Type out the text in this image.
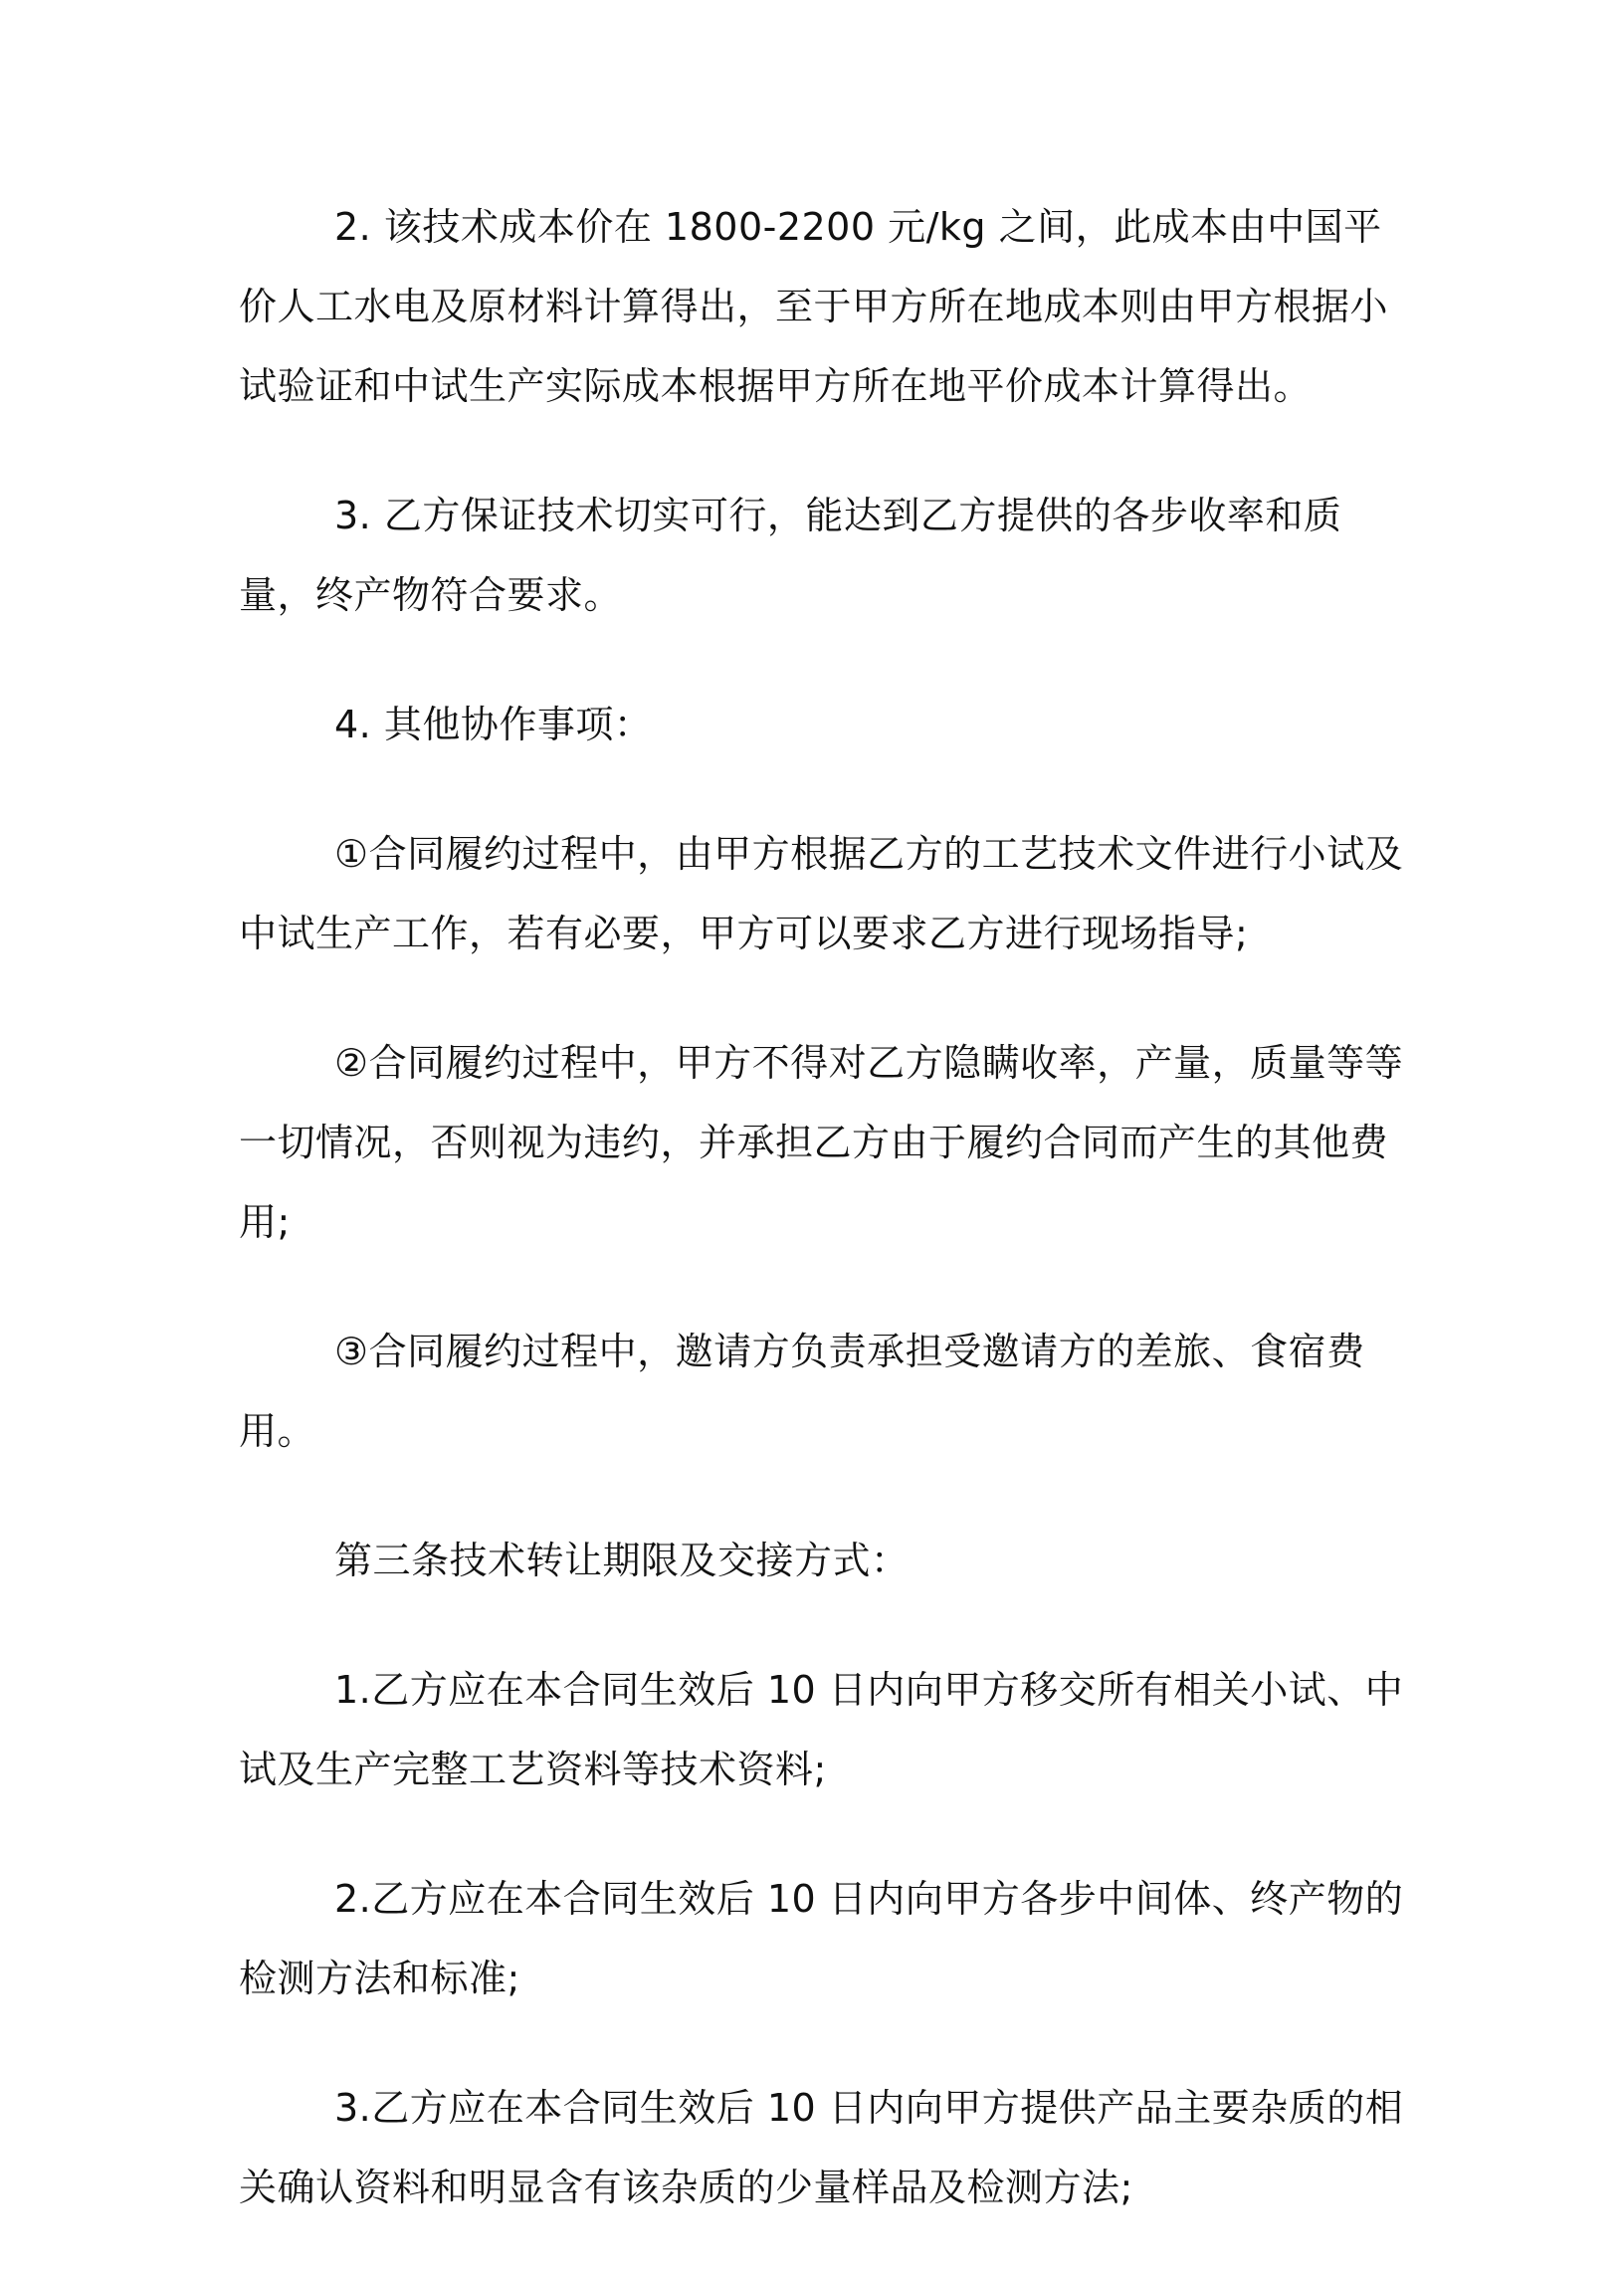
2. 该技术成本价在 1800-2200 元/kg 之间，此成本由中国平价人工水电及原材料计算得出，至于甲方所在地成本则由甲方根据小试验证和中试生产实际成本根据甲方所在地平价成本计算得出。

3. 乙方保证技术切实可行，能达到乙方提供的各步收率和质量，终产物符合要求。

4. 其他协作事项：

①合同履约过程中，由甲方根据乙方的工艺技术文件进行小试及中试生产工作，若有必要，甲方可以要求乙方进行现场指导;

②合同履约过程中，甲方不得对乙方隐瞒收率，产量，质量等等一切情况，否则视为违约，并承担乙方由于履约合同而产生的其他费用;

③合同履约过程中，邀请方负责承担受邀请方的差旅、食宿费用。

第三条技术转让期限及交接方式：

1.乙方应在本合同生效后 10 日内向甲方移交所有相关小试、中试及生产完整工艺资料等技术资料;

2.乙方应在本合同生效后 10 日内向甲方各步中间体、终产物的检测方法和标准;

3.乙方应在本合同生效后 10 日内向甲方提供产品主要杂质的相关确认资料和明显含有该杂质的少量样品及检测方法;
